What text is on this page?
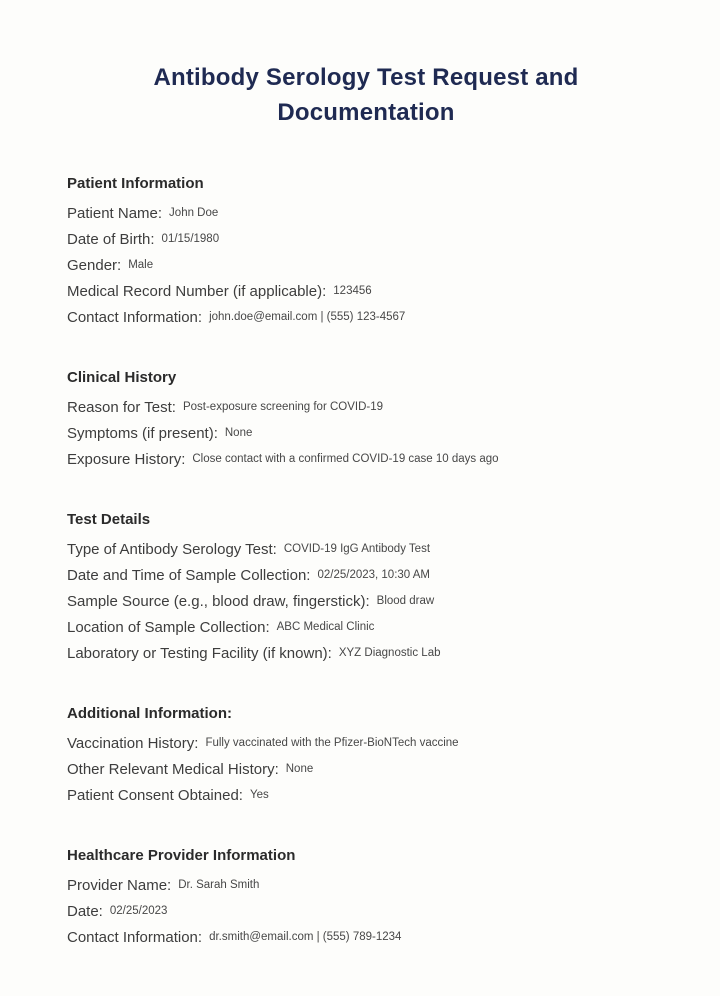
Antibody Serology Test Request and Documentation
Patient Information
Patient Name: John Doe
Date of Birth: 01/15/1980
Gender: Male
Medical Record Number (if applicable): 123456
Contact Information: john.doe@email.com | (555) 123-4567
Clinical History
Reason for Test: Post-exposure screening for COVID-19
Symptoms (if present): None
Exposure History: Close contact with a confirmed COVID-19 case 10 days ago
Test Details
Type of Antibody Serology Test: COVID-19 IgG Antibody Test
Date and Time of Sample Collection: 02/25/2023, 10:30 AM
Sample Source (e.g., blood draw, fingerstick): Blood draw
Location of Sample Collection: ABC Medical Clinic
Laboratory or Testing Facility (if known): XYZ Diagnostic Lab
Additional Information:
Vaccination History: Fully vaccinated with the Pfizer-BioNTech vaccine
Other Relevant Medical History: None
Patient Consent Obtained: Yes
Healthcare Provider Information
Provider Name: Dr. Sarah Smith
Date: 02/25/2023
Contact Information: dr.smith@email.com | (555) 789-1234
